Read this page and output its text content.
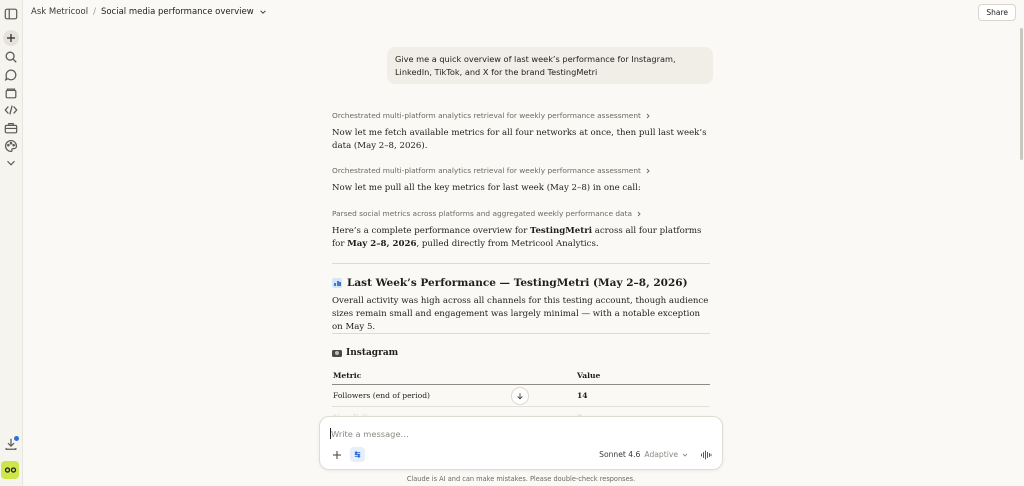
Ask Metricool / Social media performance overview	Share
Give me a quick overview of last week’s performance for Instagram, LinkedIn, TikTok, and X for the brand TestingMetri
Orchestrated multi-platform analytics retrieval for weekly performance assessment
Now let me fetch available metrics for all four networks at once, then pull last week’s data (May 2–8, 2026).
Orchestrated multi-platform analytics retrieval for weekly performance assessment
Now let me pull all the key metrics for last week (May 2–8) in one call:
Parsed social metrics across platforms and aggregated weekly performance data
Here’s a complete performance overview for TestingMetri across all four platforms for May 2–8, 2026, pulled directly from Metricool Analytics.
Last Week’s Performance — TestingMetri (May 2–8, 2026)
Overall activity was high across all channels for this testing account, though audience sizes remain small and engagement was largely minimal — with a notable exception on May 5.
Instagram
Metric	Value
Followers (end of period)	14

Write a message…
Sonnet 4.6 Adaptive
Claude is AI and can make mistakes. Please double-check responses.
